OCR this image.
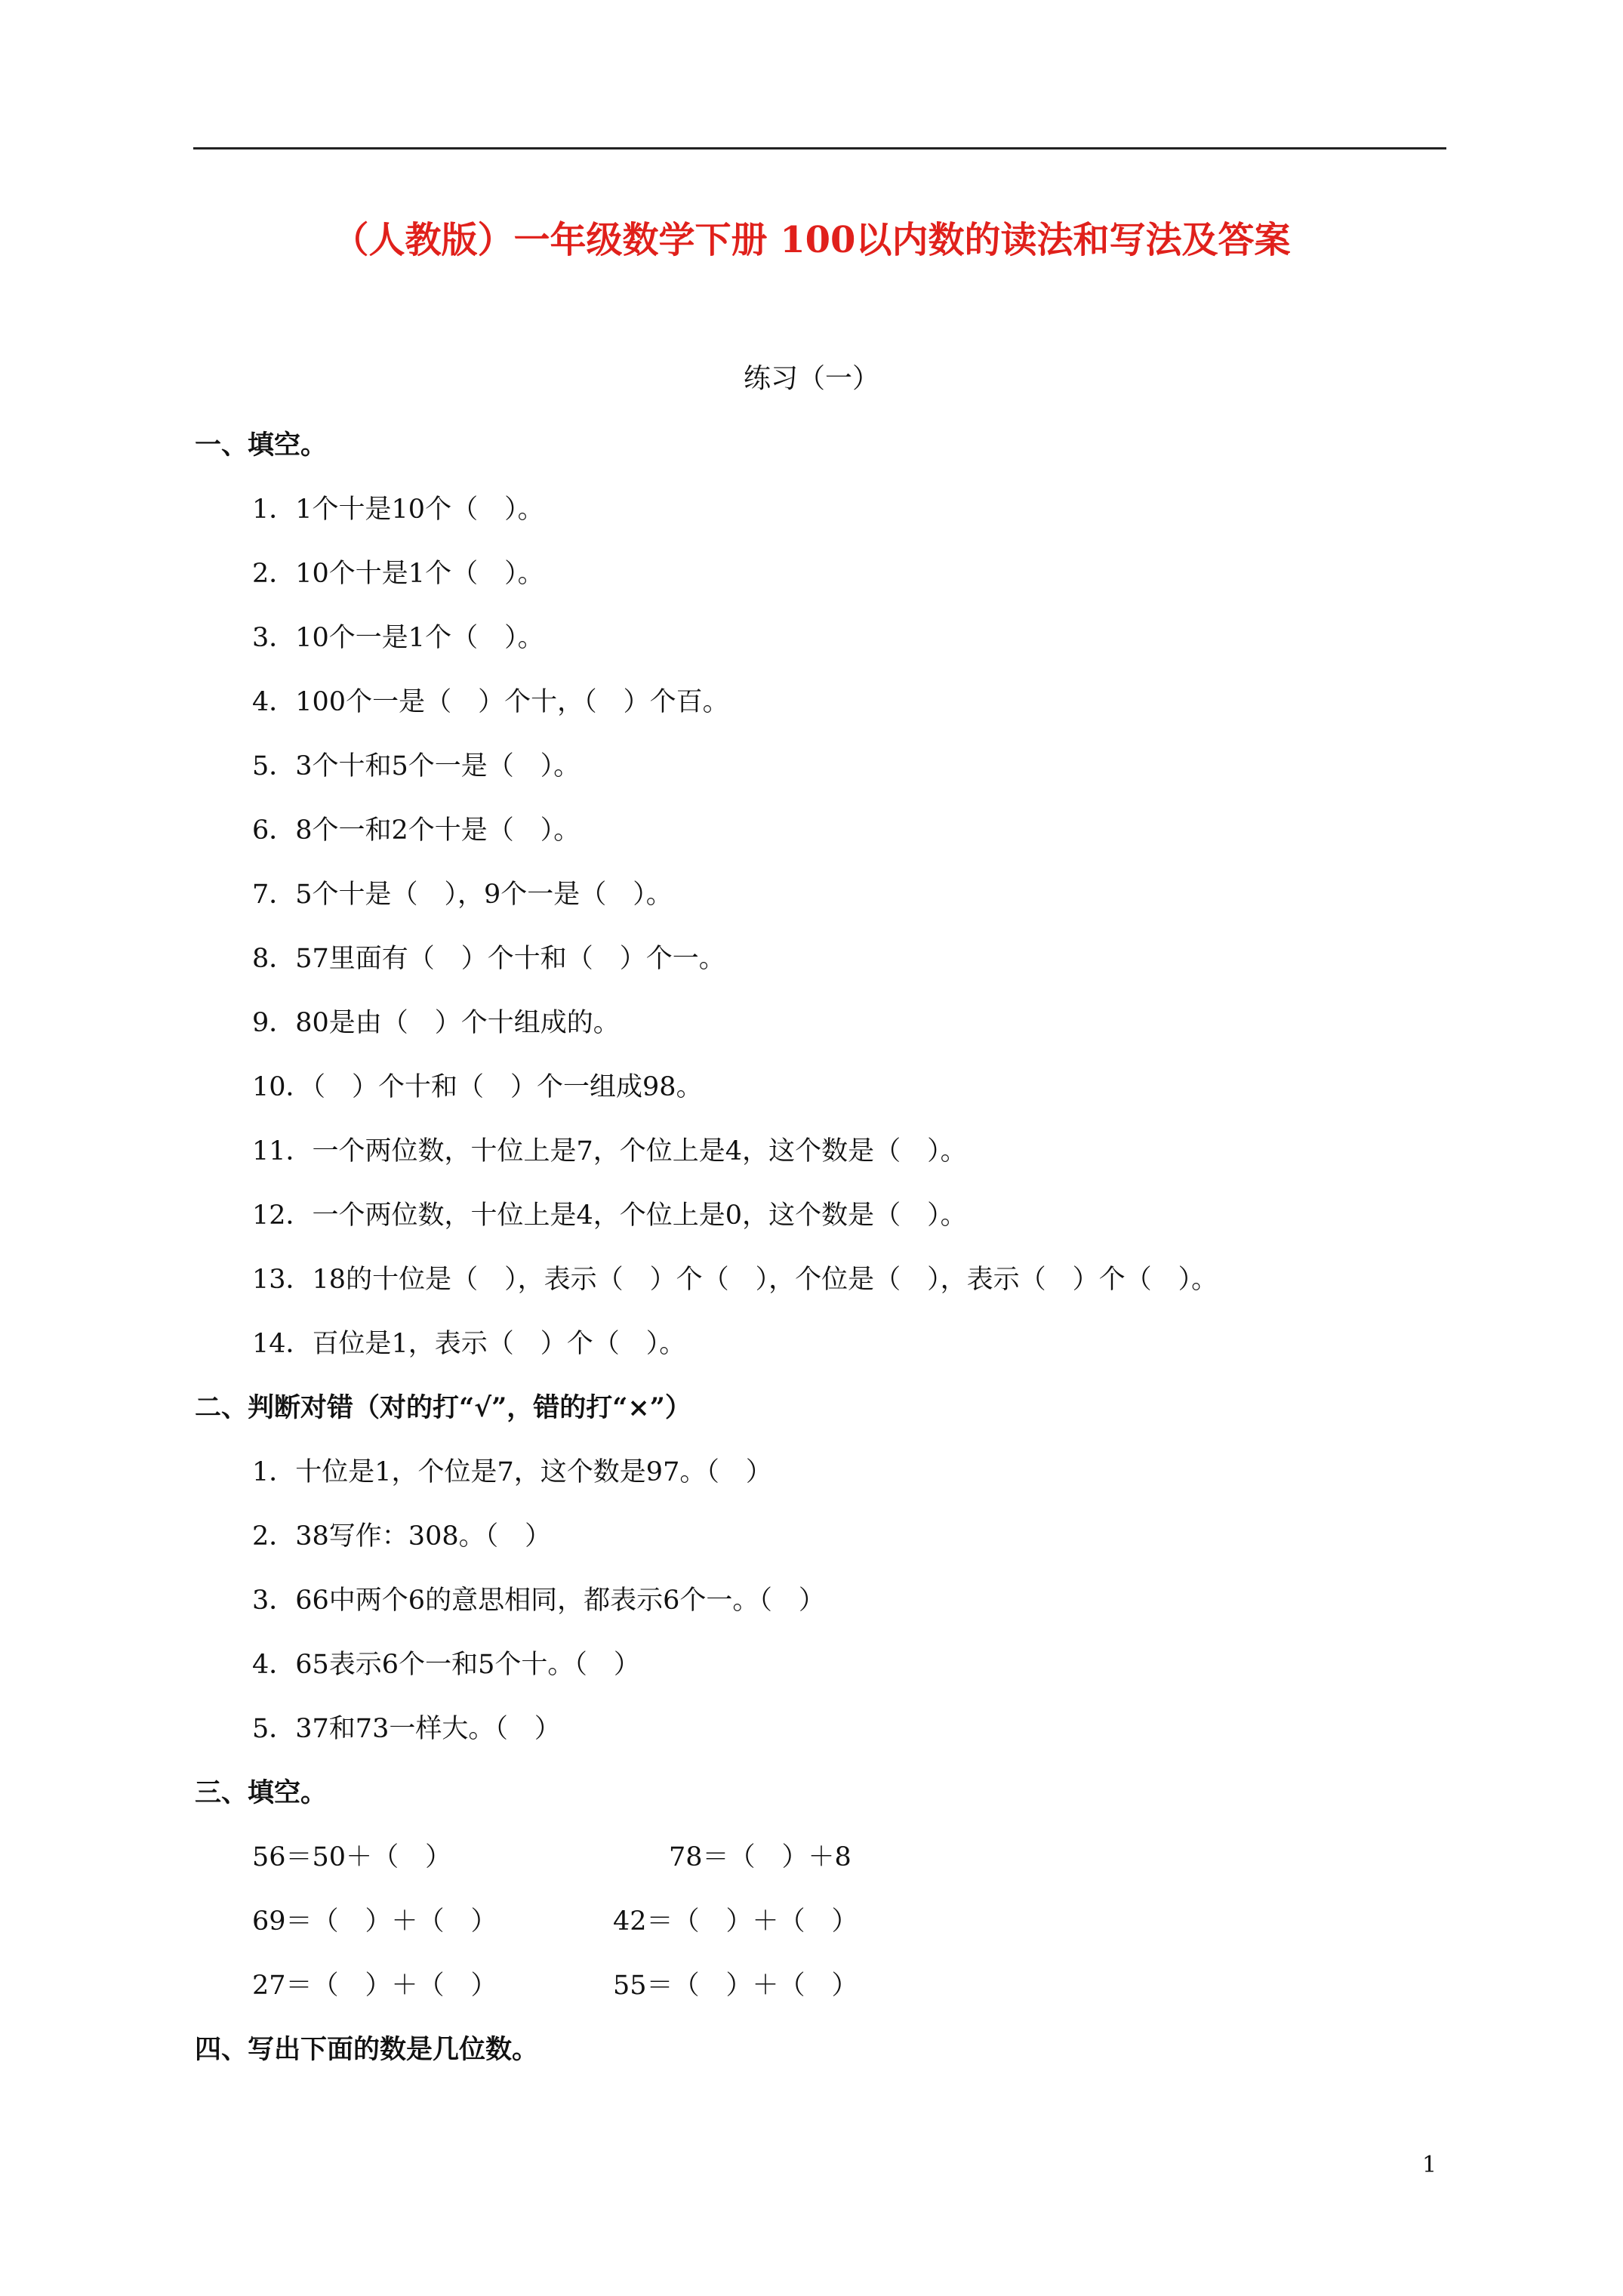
（人教版）一年级数学下册 100以内数的读法和写法及答案
练习（一）
一、填空。
1．1个十是10个（　）。
2．10个十是1个（　）。
3．10个一是1个（　）。
4．100个一是（　）个十，（　）个百。
5．3个十和5个一是（　）。
6．8个一和2个十是（　）。
7．5个十是（　），9个一是（　）。
8．57里面有（　）个十和（　）个一。
9．80是由（　）个十组成的。
10．（　）个十和（　）个一组成98。
11．一个两位数，十位上是7，个位上是4，这个数是（　）。
12．一个两位数，十位上是4，个位上是0，这个数是（　）。
13．18的十位是（　），表示（　）个（　），个位是（　），表示（　）个（　）。
14．百位是1，表示（　）个（　）。
二、判断对错（对的打“√”，错的打“×”）
1．十位是1，个位是7，这个数是97。（　）
2．38写作：308。（　）
3．66中两个6的意思相同，都表示6个一。（　）
4．65表示6个一和5个十。（　）
5．37和73一样大。（　）
三、填空。
56＝50＋（　）	78＝（　）＋8
69＝（　）＋（　）	42＝（　）＋（　）
27＝（　）＋（　）	55＝（　）＋（　）
四、写出下面的数是几位数。
1
